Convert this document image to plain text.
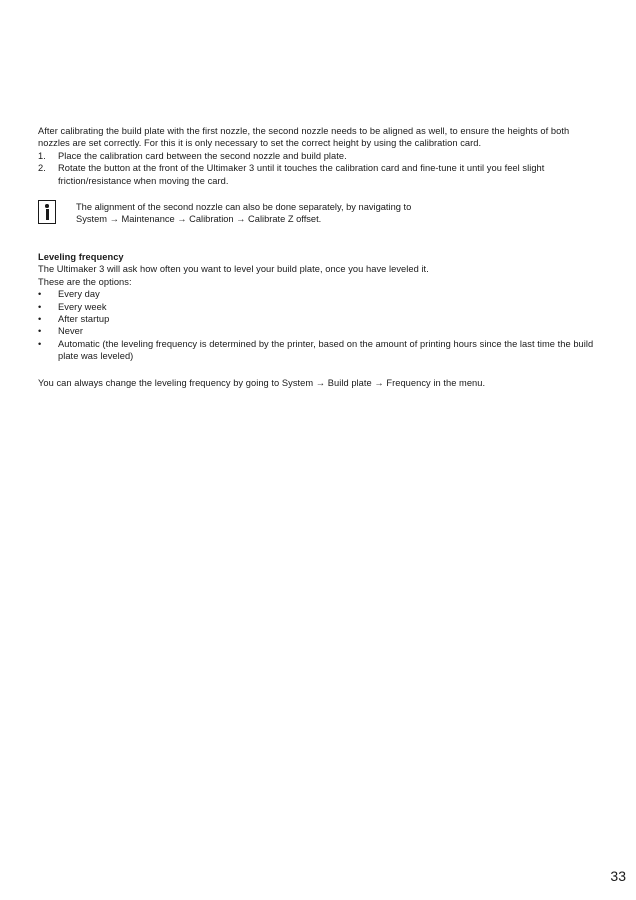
After calibrating the build plate with the first nozzle, the second nozzle needs to be aligned as well, to ensure the heights of both nozzles are set correctly. For this it is only necessary to set the correct height by using the calibration card.

1.	Place the calibration card between the second nozzle and build plate.
2.	Rotate the button at the front of the Ultimaker 3 until it touches the calibration card and fine-tune it until you feel slight friction/resistance when moving the card.
The alignment of the second nozzle can also be done separately, by navigating to
System → Maintenance → Calibration → Calibrate Z offset.

Leveling frequency

The Ultimaker 3 will ask how often you want to level your build plate, once you have leveled it.

These are the options:

•	Every day
•	Every week
•	After startup
•	Never
•	Automatic (the leveling frequency is determined by the printer, based on the amount of printing hours since the last time the build plate was leveled)

You can always change the leveling frequency by going to System → Build plate → Frequency in the menu.

33
